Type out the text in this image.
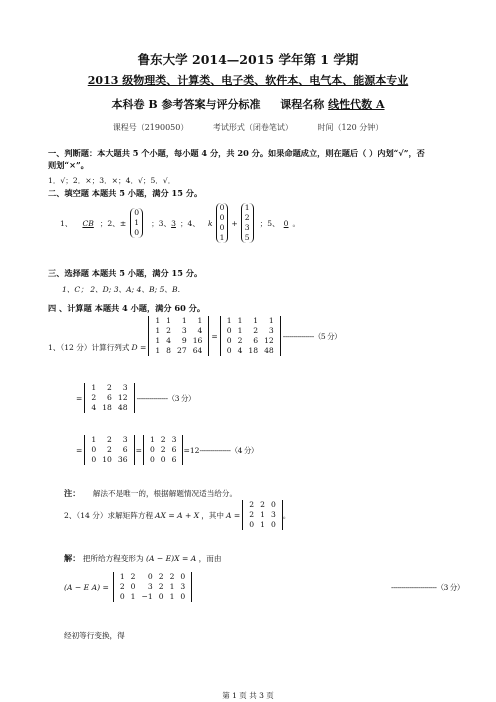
鲁东大学 2014—2015 学年第 1 学期
2013 级物理类、计算类、电子类、软件本、电气本、能源本专业
本科卷 B 参考答案与评分标准 课程名称 线性代数 A
课程号（2190050）	考试形式（闭卷笔试）	时间（120 分钟）
一、判断题：本大题共 5 个小题，每小题 4 分，共 20 分。如果命题成立，则在题后（ ）内划“√”，否
则划“×”。
1．√；2．×；3．×；4．√；5．√．
二、填空题 本题共 5 小题，满分 15 分。
1、 CB ；2、±
0
1
0
；3、 3 ；4、 k
0
0
0
1
+
1
2
3
5
；5、 0 。
三、选择题 本题共 5 小题，满分 15 分。
1、C； 2、D; 3、A; 4、B; 5、B.
四 、计算题 本题共 4 小题，满分 60 分。
1、（12 分）计算行列式 D =
1	1	1	1
1	2	3	4
1	4	9	16
1	8	27	64
=
1	1	1	1
0	1	2	3
0	2	6	12
0	4	18	48
---------------（5 分）
=
1	2	3
2	6	12
4	18	48
---------------（3 分）
=
1	2	3
0	2	6
0	10	36
=
1	2	3
0	2	6
0	0	6
=12 ---------------（4 分）
注： 解法不是唯一的，根据解题情况适当给分。
2、（14 分）求解矩阵方程 AX = A + X ，其中 A =
2	2	0
2	1	3
0	1	0
。
解： 把所给方程变形为 (A − E)X = A ，而由
(A − E A) =
1	2	0	2	2	0
2	0	3	2	1	3
0	1	−1	0	1	0
----------------------（3 分）
经初等行变换，得
第 1 页 共 3 页
